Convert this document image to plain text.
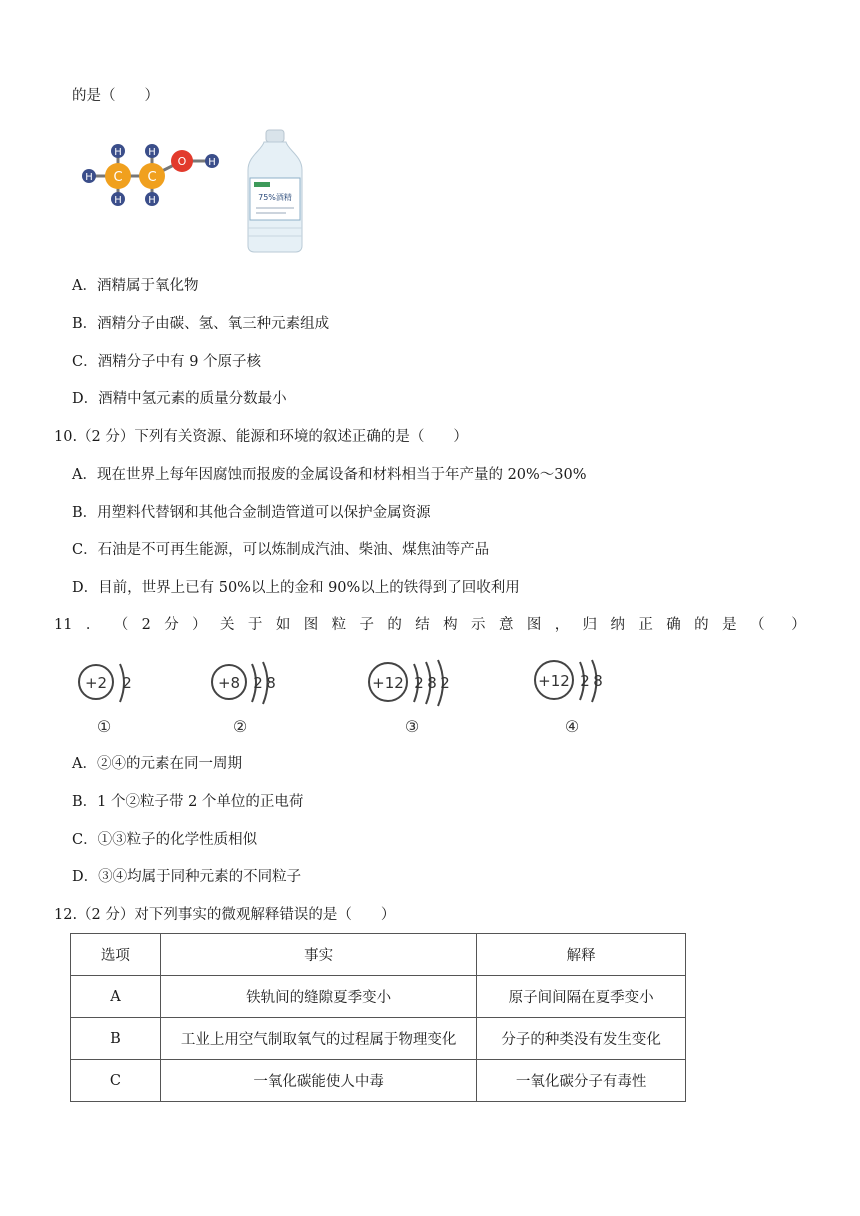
的是（　　）
H
H
H
H
H
H
C C
O
75%酒精
A．酒精属于氧化物
B．酒精分子由碳、氢、氧三种元素组成
C．酒精分子中有 9 个原子核
D．酒精中氢元素的质量分数最小
10.（2 分）下列有关资源、能源和环境的叙述正确的是（　　）
A．现在世界上每年因腐蚀而报废的金属设备和材料相当于年产量的 20%～30%
B．用塑料代替钢和其他合金制造管道可以保护金属资源
C．石油是不可再生能源，可以炼制成汽油、柴油、煤焦油等产品
D．目前，世界上已有 50%以上的金和 90%以上的铁得到了回收利用
11 ． （ 2 分 ） 关 于 如 图 粒 子 的 结 构 示 意 图 ， 归 纳 正 确 的 是 （ ）
+2 2
①
+8 2 8
②
+12 2 8 2
③
+12 2 8
④
A．②④的元素在同一周期
B．1 个②粒子带 2 个单位的正电荷
C．①③粒子的化学性质相似
D．③④均属于同种元素的不同粒子
12.（2 分）对下列事实的微观解释错误的是（　　）
选项	事实	解释
A	铁轨间的缝隙夏季变小	原子间间隔在夏季变小
B	工业上用空气制取氧气的过程属于物理变化	分子的种类没有发生变化
C	一氧化碳能使人中毒	一氧化碳分子有毒性
